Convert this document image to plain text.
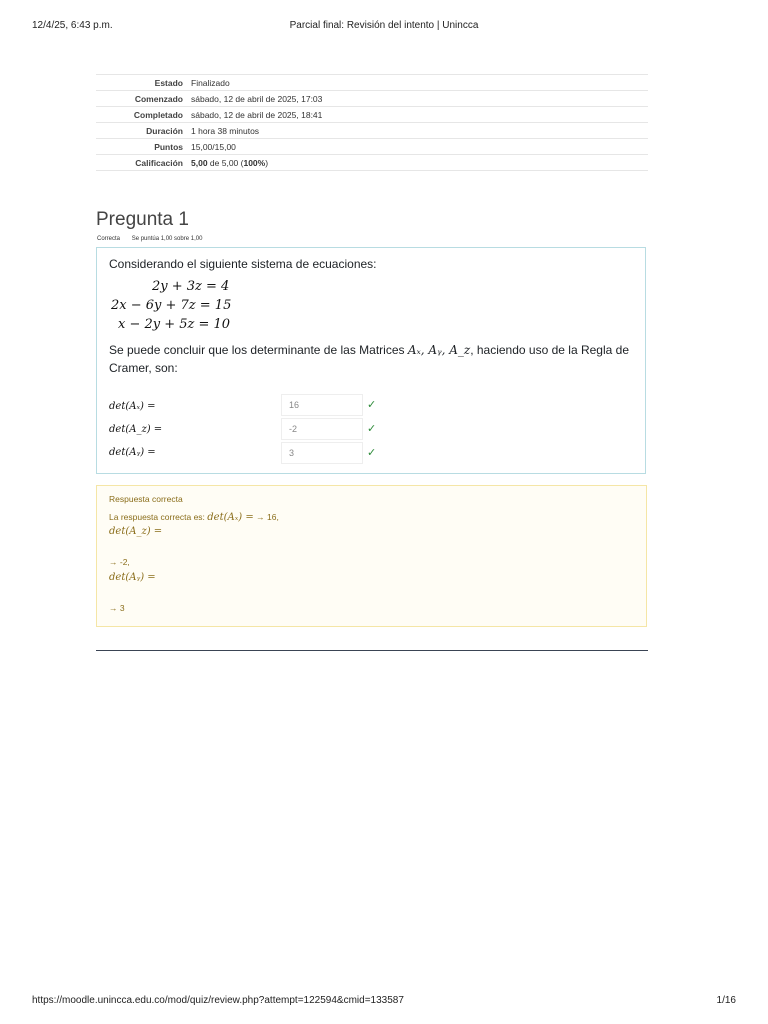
12/4/25, 6:43 p.m.	Parcial final: Revisión del intento | Unincca
Estado	Finalizado
Comenzado	sábado, 12 de abril de 2025, 17:03
Completado	sábado, 12 de abril de 2025, 18:41
Duración	1 hora 38 minutos
Puntos	15,00/15,00
Calificación	5,00 de 5,00 (100%)
Pregunta 1
Correcta Se puntúa 1,00 sobre 1,00
Considerando el siguiente sistema de ecuaciones:
2y + 3z = 4
2x − 6y + 7z = 15
x − 2y + 5z = 10
Se puede concluir que los determinante de las Matrices Aₓ, Aᵧ, A_z, haciendo uso de la Regla de Cramer, son:
det(Aₓ) =	16	✓
det(A_z) =	-2	✓
det(Aᵧ) =	3	✓
Respuesta correcta
La respuesta correcta es: det(Aₓ) = → 16,
det(A_z) =
→ -2,
det(Aᵧ) =
→ 3
https://moodle.unincca.edu.co/mod/quiz/review.php?attempt=122594&cmid=133587	1/16
